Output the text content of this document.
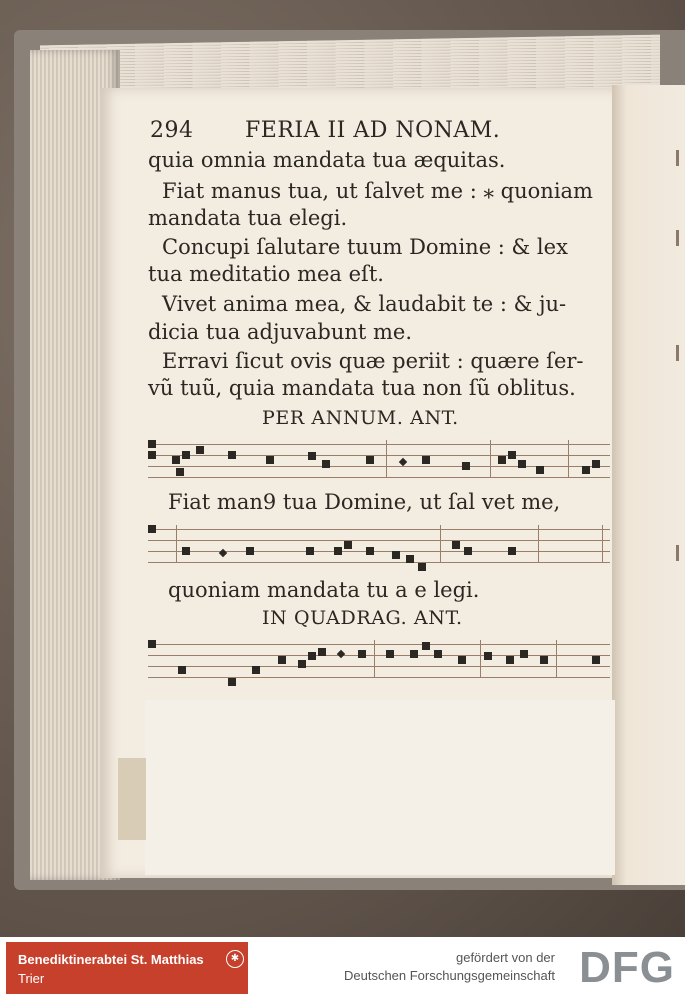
294 FERIA II AD NONAM.
quia omnia mandata tua æquitas.
Fiat manus tua, ut ſalvet me : ⁎ quoniam
mandata tua elegi.
Concupi ſalutare tuum Domine : & lex
tua meditatio mea eſt.
Vivet anima mea, & laudabit te : & ju-
dicia tua adjuvabunt me.
Erravi ſicut ovis quæ periit : quære ſer-
vũ tuũ, quia mandata tua non ſũ oblitus.
PER ANNUM. ANT.
Fiat man9 tua Domine, ut ſal vet me,
quoniam mandata tu a e legi.
IN QUADRAG. ANT.
Benediktinerabtei St. Matthias
Trier
✱	gefördert von der
Deutschen Forschungsgemeinschaft DFG
